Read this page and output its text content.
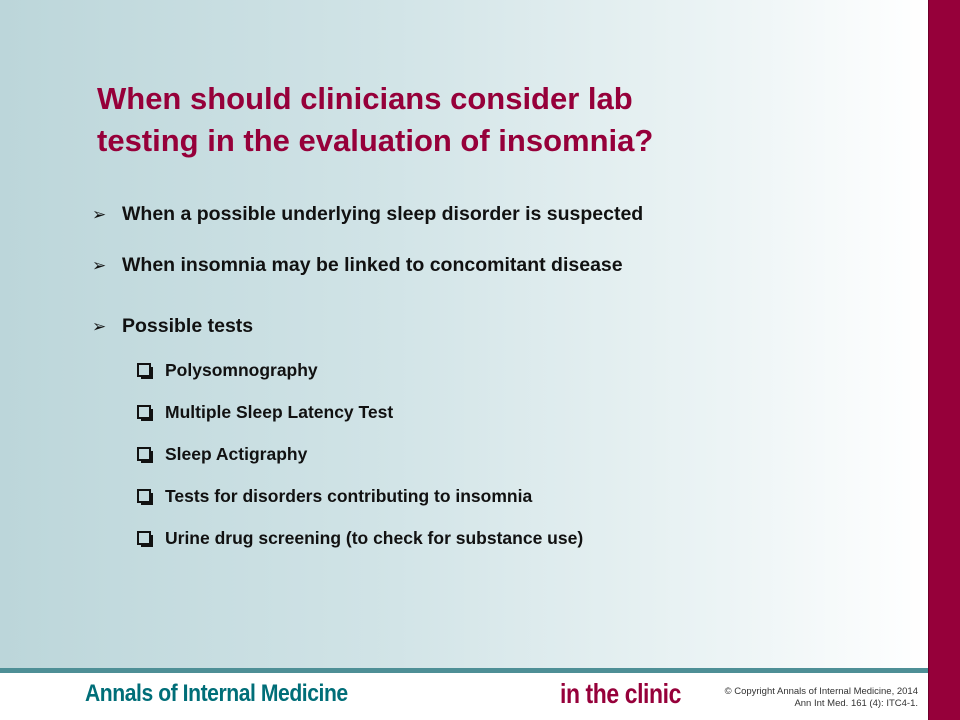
When should clinicians consider lab
testing in the evaluation of insomnia?
➢ When a possible underlying sleep disorder is suspected
➢ When insomnia may be linked to concomitant disease
➢ Possible tests
Polysomnography
Multiple Sleep Latency Test
Sleep Actigraphy
Tests for disorders contributing to insomnia
Urine drug screening (to check for substance use)
Annals of Internal Medicine	in the clinic	© Copyright Annals of Internal Medicine, 2014
Ann Int Med. 161 (4): ITC4-1.
